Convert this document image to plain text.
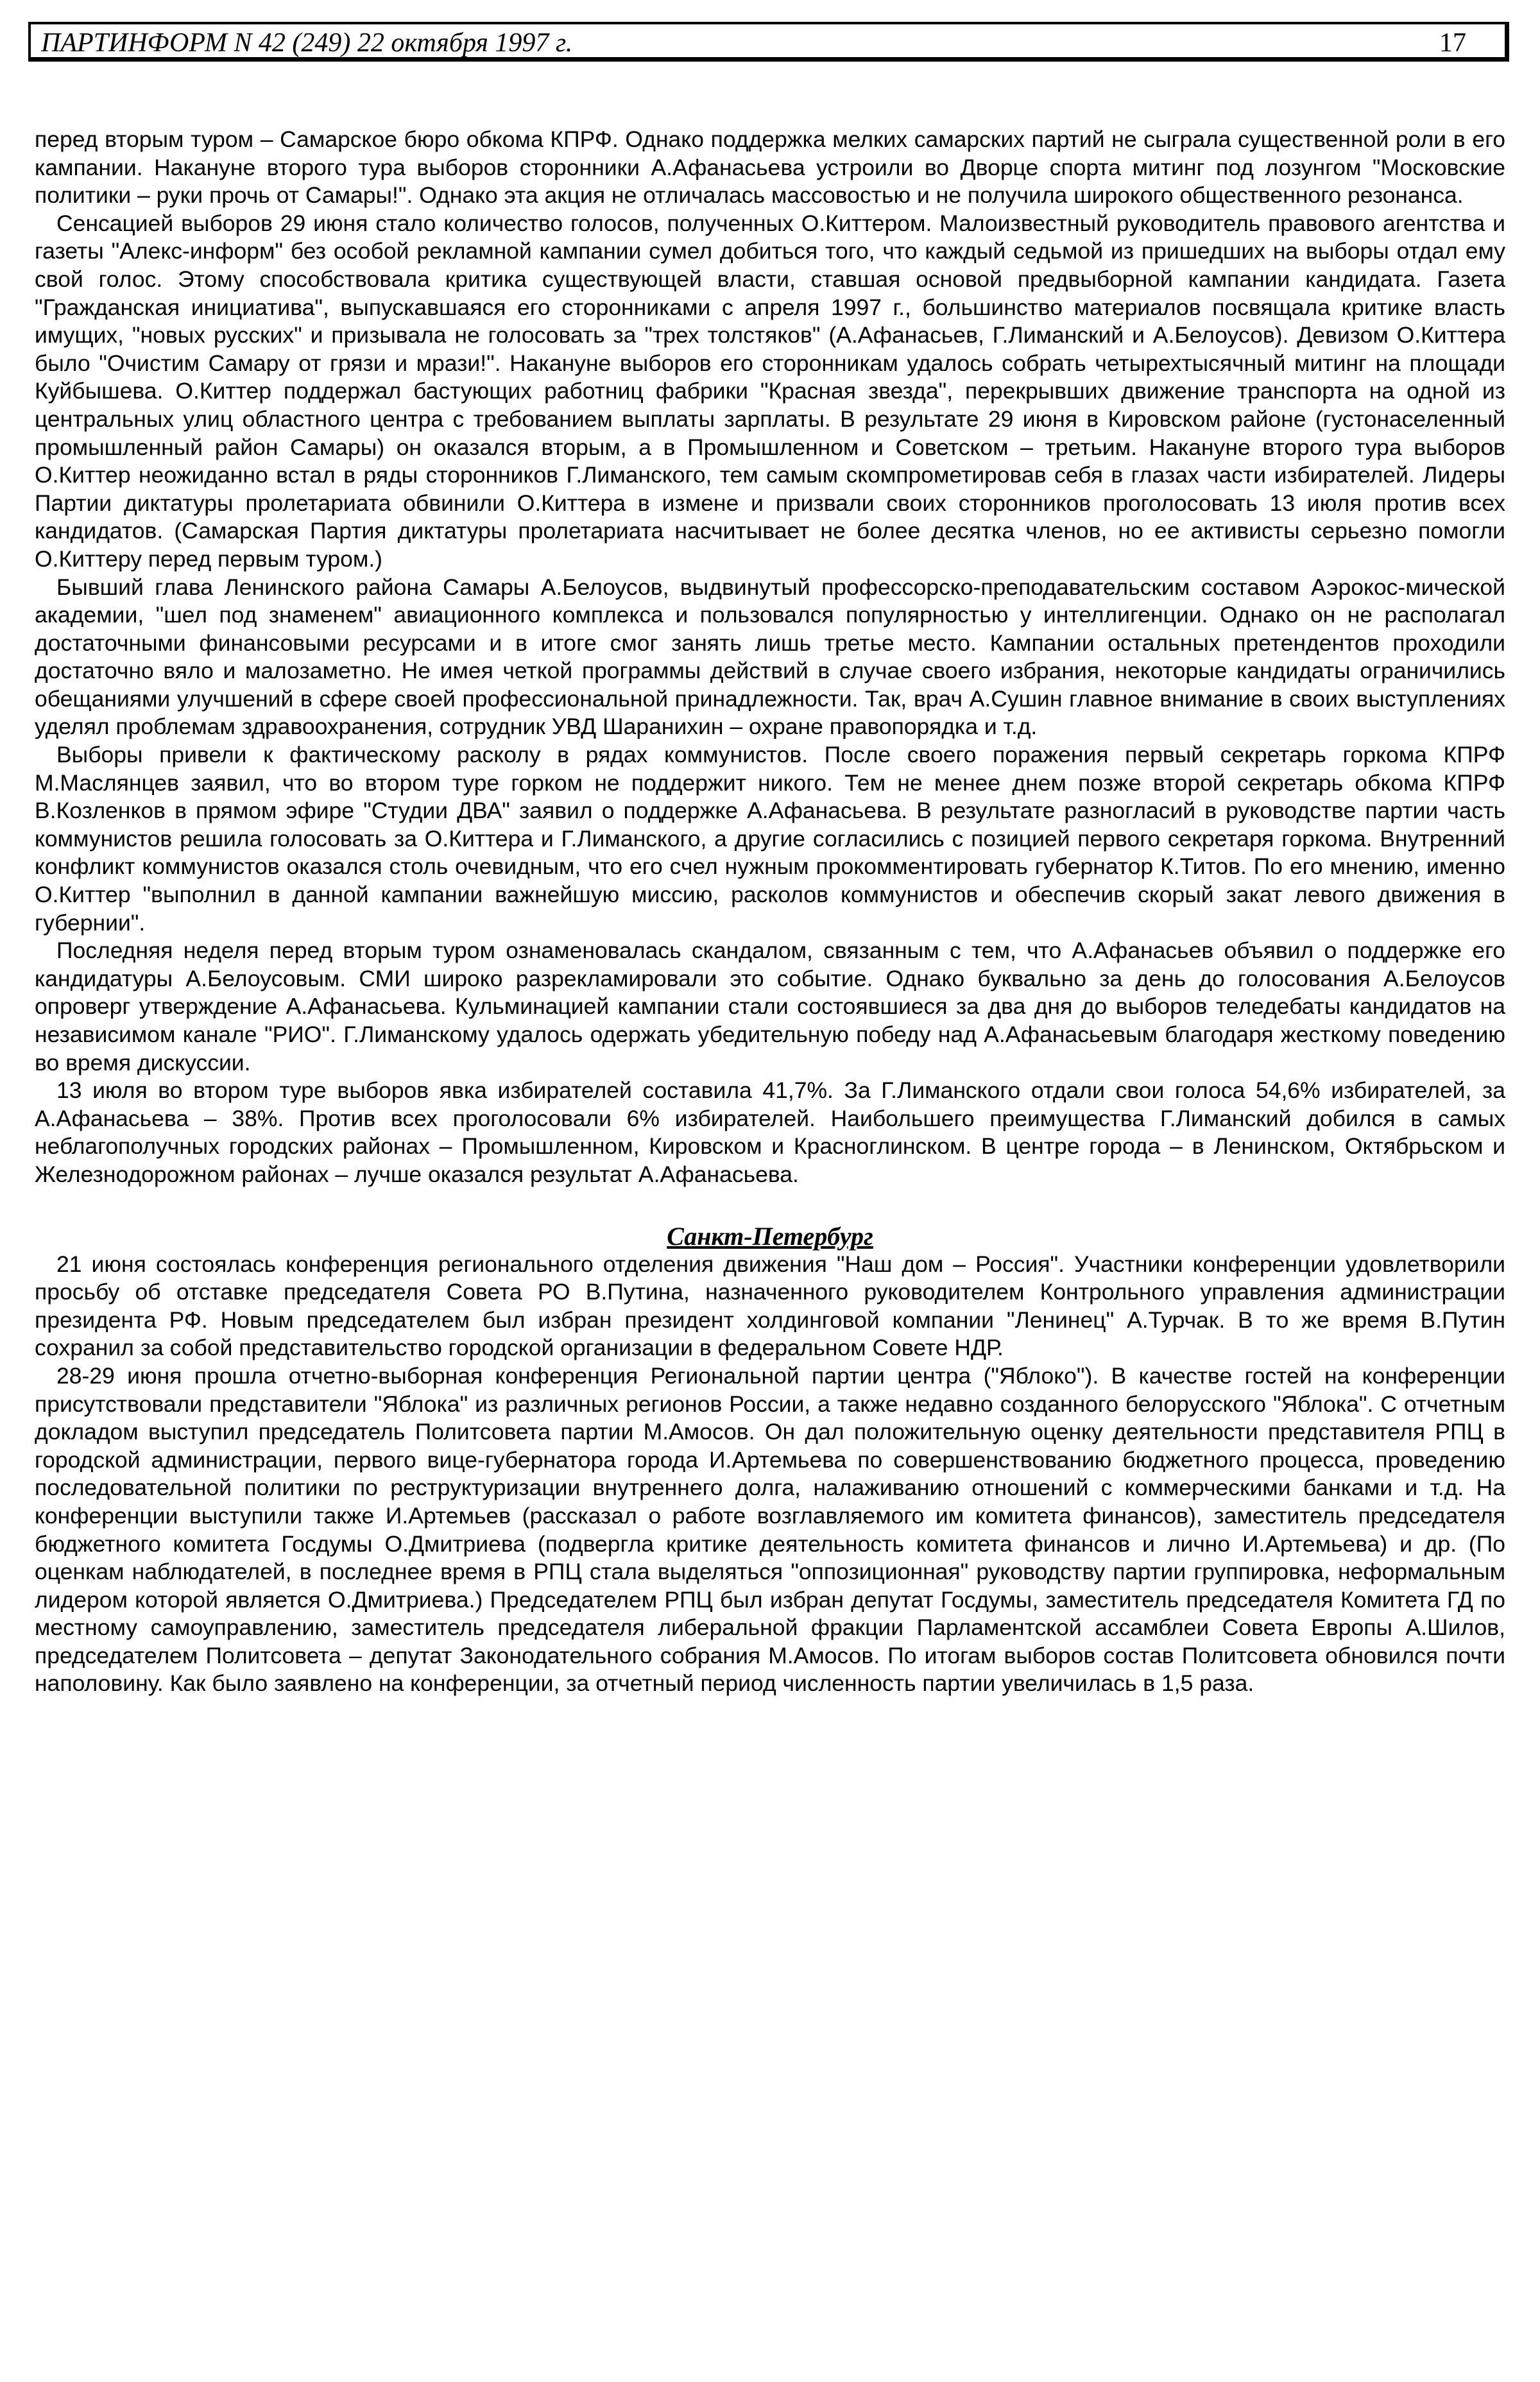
ПАРТИНФОРМ N 42 (249) 22 октября 1997 г.	17

перед вторым туром – Самарское бюро обкома КПРФ. Однако поддержка мелких самарских партий не сыграла существенной роли в его кампании. Накануне второго тура выборов сторонники А.Афанасьева устроили во Дворце спорта митинг под лозунгом "Московские политики – руки прочь от Самары!". Однако эта акция не отличалась массовостью и не получила широкого общественного резонанса.

Сенсацией выборов 29 июня стало количество голосов, полученных О.Киттером. Малоизвестный руководитель правового агентства и газеты "Алекс-информ" без особой рекламной кампании сумел добиться того, что каждый седьмой из пришедших на выборы отдал ему свой голос. Этому способствовала критика существующей власти, ставшая основой предвыборной кампании кандидата. Газета "Гражданская инициатива", выпускавшаяся его сторонниками с апреля 1997 г., большинство материалов посвящала критике власть имущих, "новых русских" и призывала не голосовать за "трех толстяков" (А.Афанасьев, Г.Лиманский и А.Белоусов). Девизом О.Киттера было "Очистим Самару от грязи и мрази!". Накануне выборов его сторонникам удалось собрать четырехтысячный митинг на площади Куйбышева. О.Киттер поддержал бастующих работниц фабрики "Красная звезда", перекрывших движение транспорта на одной из центральных улиц областного центра с требованием выплаты зарплаты. В результате 29 июня в Кировском районе (густонаселенный промышленный район Самары) он оказался вторым, а в Промышленном и Советском – третьим. Накануне второго тура выборов О.Киттер неожиданно встал в ряды сторонников Г.Лиманского, тем самым скомпрометировав себя в глазах части избирателей. Лидеры Партии диктатуры пролетариата обвинили О.Киттера в измене и призвали своих сторонников проголосовать 13 июля против всех кандидатов. (Самарская Партия диктатуры пролетариата насчитывает не более десятка членов, но ее активисты серьезно помогли О.Киттеру перед первым туром.)

Бывший глава Ленинского района Самары А.Белоусов, выдвинутый профессорско-преподавательским составом Аэрокос-мической академии, "шел под знаменем" авиационного комплекса и пользовался популярностью у интеллигенции. Однако он не располагал достаточными финансовыми ресурсами и в итоге смог занять лишь третье место. Кампании остальных претендентов проходили достаточно вяло и малозаметно. Не имея четкой программы действий в случае своего избрания, некоторые кандидаты ограничились обещаниями улучшений в сфере своей профессиональной принадлежности. Так, врач А.Сушин главное внимание в своих выступлениях уделял проблемам здравоохранения, сотрудник УВД Шаранихин – охране правопорядка и т.д.

Выборы привели к фактическому расколу в рядах коммунистов. После своего поражения первый секретарь горкома КПРФ М.Маслянцев заявил, что во втором туре горком не поддержит никого. Тем не менее днем позже второй секретарь обкома КПРФ В.Козленков в прямом эфире "Студии ДВА" заявил о поддержке А.Афанасьева. В результате разногласий в руководстве партии часть коммунистов решила голосовать за О.Киттера и Г.Лиманского, а другие согласились с позицией первого секретаря горкома. Внутренний конфликт коммунистов оказался столь очевидным, что его счел нужным прокомментировать губернатор К.Титов. По его мнению, именно О.Киттер "выполнил в данной кампании важнейшую миссию, расколов коммунистов и обеспечив скорый закат левого движения в губернии".

Последняя неделя перед вторым туром ознаменовалась скандалом, связанным с тем, что А.Афанасьев объявил о поддержке его кандидатуры А.Белоусовым. СМИ широко разрекламировали это событие. Однако буквально за день до голосования А.Белоусов опроверг утверждение А.Афанасьева. Кульминацией кампании стали состоявшиеся за два дня до выборов теледебаты кандидатов на независимом канале "РИО". Г.Лиманскому удалось одержать убедительную победу над А.Афанасьевым благодаря жесткому поведению во время дискуссии.

13 июля во втором туре выборов явка избирателей составила 41,7%. За Г.Лиманского отдали свои голоса 54,6% избирателей, за А.Афанасьева – 38%. Против всех проголосовали 6% избирателей. Наибольшего преимущества Г.Лиманский добился в самых неблагополучных городских районах – Промышленном, Кировском и Красноглинском. В центре города – в Ленинском, Октябрьском и Железнодорожном районах – лучше оказался результат А.Афанасьева.

Санкт-Петербург

21 июня состоялась конференция регионального отделения движения "Наш дом – Россия". Участники конференции удовлетворили просьбу об отставке председателя Совета РО В.Путина, назначенного руководителем Контрольного управления администрации президента РФ. Новым председателем был избран президент холдинговой компании "Ленинец" А.Турчак. В то же время В.Путин сохранил за собой представительство городской организации в федеральном Совете НДР.

28-29 июня прошла отчетно-выборная конференция Региональной партии центра ("Яблоко"). В качестве гостей на конференции присутствовали представители "Яблока" из различных регионов России, а также недавно созданного белорусского "Яблока". С отчетным докладом выступил председатель Политсовета партии М.Амосов. Он дал положительную оценку деятельности представителя РПЦ в городской администрации, первого вице-губернатора города И.Артемьева по совершенствованию бюджетного процесса, проведению последовательной политики по реструктуризации внутреннего долга, налаживанию отношений с коммерческими банками и т.д. На конференции выступили также И.Артемьев (рассказал о работе возглавляемого им комитета финансов), заместитель председателя бюджетного комитета Госдумы О.Дмитриева (подвергла критике деятельность комитета финансов и лично И.Артемьева) и др. (По оценкам наблюдателей, в последнее время в РПЦ стала выделяться "оппозиционная" руководству партии группировка, неформальным лидером которой является О.Дмитриева.) Председателем РПЦ был избран депутат Госдумы, заместитель председателя Комитета ГД по местному самоуправлению, заместитель председателя либеральной фракции Парламентской ассамблеи Совета Европы А.Шилов, председателем Политсовета – депутат Законодательного собрания М.Амосов. По итогам выборов состав Политсовета обновился почти наполовину. Как было заявлено на конференции, за отчетный период численность партии увеличилась в 1,5 раза.
